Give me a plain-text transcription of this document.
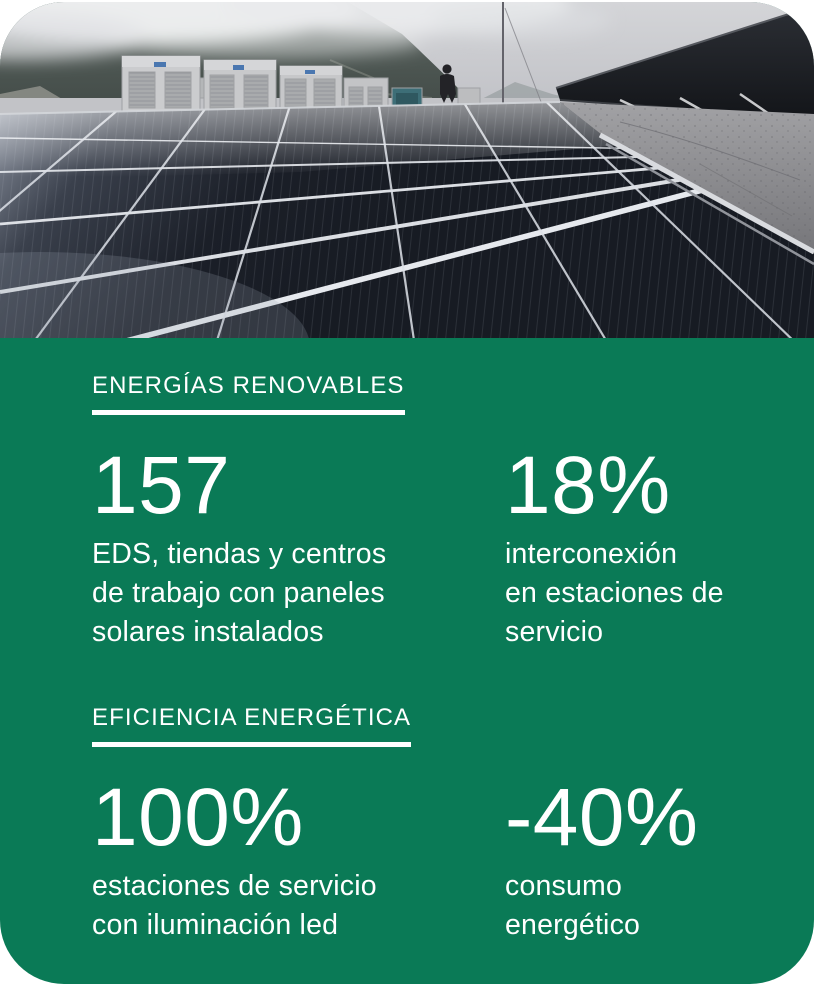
ENERGÍAS RENOVABLES
157
EDS, tiendas y centros
de trabajo con paneles
solares instalados
18%
interconexión
en estaciones de
servicio
EFICIENCIA ENERGÉTICA
100%
estaciones de servicio
con iluminación led
-40%
consumo
energético
